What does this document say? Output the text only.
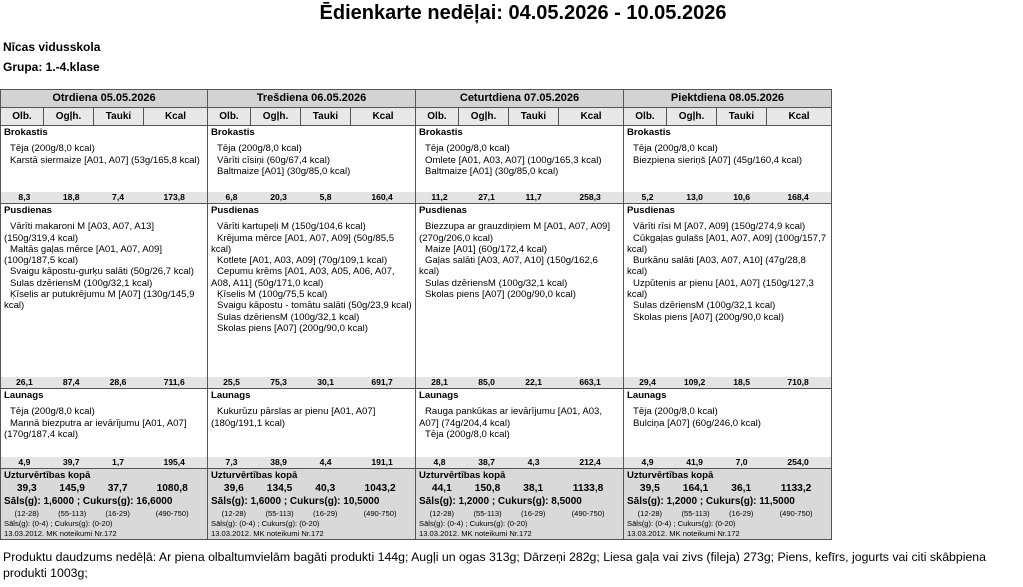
Ēdienkarte nedēļai: 04.05.2026 - 10.05.2026
Nīcas vidusskola
Grupa: 1.-4.klase
Otrdiena 05.05.2026	Trešdiena 06.05.2026	Ceturtdiena 07.05.2026	Piektdiena 08.05.2026
Olb.	Ogļh.	Tauki	Kcal	Olb.	Ogļh.	Tauki	Kcal	Olb.	Ogļh.	Tauki	Kcal	Olb.	Ogļh.	Tauki	Kcal
Brokastis
Tēja (200g/8,0 kcal)
Karstā siermaize [A01, A07] (53g/165,8 kcal)
8,3	18,8	7,4	173,8
Brokastis
Tēja (200g/8,0 kcal)
Vārīti cīsiņi (60g/67,4 kcal)
Baltmaize [A01] (30g/85,0 kcal)
6,8	20,3	5,8	160,4
Brokastis
Tēja (200g/8,0 kcal)
Omlete [A01, A03, A07] (100g/165,3 kcal)
Baltmaize [A01] (30g/85,0 kcal)
11,2	27,1	11,7	258,3
Brokastis
Tēja (200g/8,0 kcal)
Biezpiena sieriņš [A07] (45g/160,4 kcal)
5,2	13,0	10,6	168,4
Pusdienas
Vārīti makaroni M [A03, A07, A13] (150g/319,4 kcal)
Maltās gaļas mērce [A01, A07, A09] (100g/187,5 kcal)
Svaigu kāpostu-gurķu salāti (50g/26,7 kcal)
Sulas dzēriensM (100g/32,1 kcal)
Ķīselis ar putukrējumu M [A07] (130g/145,9 kcal)
26,1	87,4	28,6	711,6
Pusdienas
Vārīti kartupeļi M (150g/104,6 kcal)
Krējuma mērce [A01, A07, A09] (50g/85,5 kcal)
Kotlete [A01, A03, A09] (70g/109,1 kcal)
Cepumu krēms [A01, A03, A05, A06, A07, A08, A11] (50g/171,0 kcal)
Ķīselis M (100g/75,5 kcal)
Svaigu kāpostu - tomātu salāti (50g/23,9 kcal)
Sulas dzēriensM (100g/32,1 kcal)
Skolas piens [A07] (200g/90,0 kcal)
25,5	75,3	30,1	691,7
Pusdienas
Biezzupa ar grauzdiņiem M [A01, A07, A09] (270g/206,0 kcal)
Maize [A01] (60g/172,4 kcal)
Gaļas salāti [A03, A07, A10] (150g/162,6 kcal)
Sulas dzēriensM (100g/32,1 kcal)
Skolas piens [A07] (200g/90,0 kcal)
28,1	85,0	22,1	663,1
Pusdienas
Vārīti rīsi M [A07, A09] (150g/274,9 kcal)
Cūkgaļas gulašs [A01, A07, A09] (100g/157,7 kcal)
Burkānu salāti [A03, A07, A10] (47g/28,8 kcal)
Uzpūtenis ar pienu [A01, A07] (150g/127,3 kcal)
Sulas dzēriensM (100g/32,1 kcal)
Skolas piens [A07] (200g/90,0 kcal)
29,4	109,2	18,5	710,8
Launags
Tēja (200g/8,0 kcal)
Mannā biezputra ar ievārījumu [A01, A07] (170g/187,4 kcal)
4,9	39,7	1,7	195,4
Launags
Kukurūzu pārslas ar pienu [A01, A07] (180g/191,1 kcal)
7,3	38,9	4,4	191,1
Launags
Rauga pankūkas ar ievārījumu [A01, A03, A07] (74g/204,4 kcal)
Tēja (200g/8,0 kcal)
4,8	38,7	4,3	212,4
Launags
Tēja (200g/8,0 kcal)
Bulciņa [A07] (60g/246,0 kcal)
4,9	41,9	7,0	254,0
Uzturvērtības kopā
39,3	145,9	37,7	1080,8
Sāls(g): 1,6000 ; Cukurs(g): 16,6000
(12-28)	(55-113)	(16-29)	(490-750)
Sāls(g): (0-4) ; Cukurs(g): (0-20)
13.03.2012. MK noteikumi Nr.172
Uzturvērtības kopā
39,6	134,5	40,3	1043,2
Sāls(g): 1,6000 ; Cukurs(g): 10,5000
(12-28)	(55-113)	(16-29)	(490-750)
Sāls(g): (0-4) ; Cukurs(g): (0-20)
13.03.2012. MK noteikumi Nr.172
Uzturvērtības kopā
44,1	150,8	38,1	1133,8
Sāls(g): 1,2000 ; Cukurs(g): 8,5000
(12-28)	(55-113)	(16-29)	(490-750)
Sāls(g): (0-4) ; Cukurs(g): (0-20)
13.03.2012. MK noteikumi Nr.172
Uzturvērtības kopā
39,5	164,1	36,1	1133,2
Sāls(g): 1,2000 ; Cukurs(g): 11,5000
(12-28)	(55-113)	(16-29)	(490-750)
Sāls(g): (0-4) ; Cukurs(g): (0-20)
13.03.2012. MK noteikumi Nr.172
Produktu daudzums nedēļā: Ar piena olbaltumvielām bagāti produkti 144g; Augļi un ogas 313g; Dārzeņi 282g; Liesa gaļa vai zivs (fileja) 273g; Piens, kefīrs, jogurts vai citi skābpiena produkti 1003g;
